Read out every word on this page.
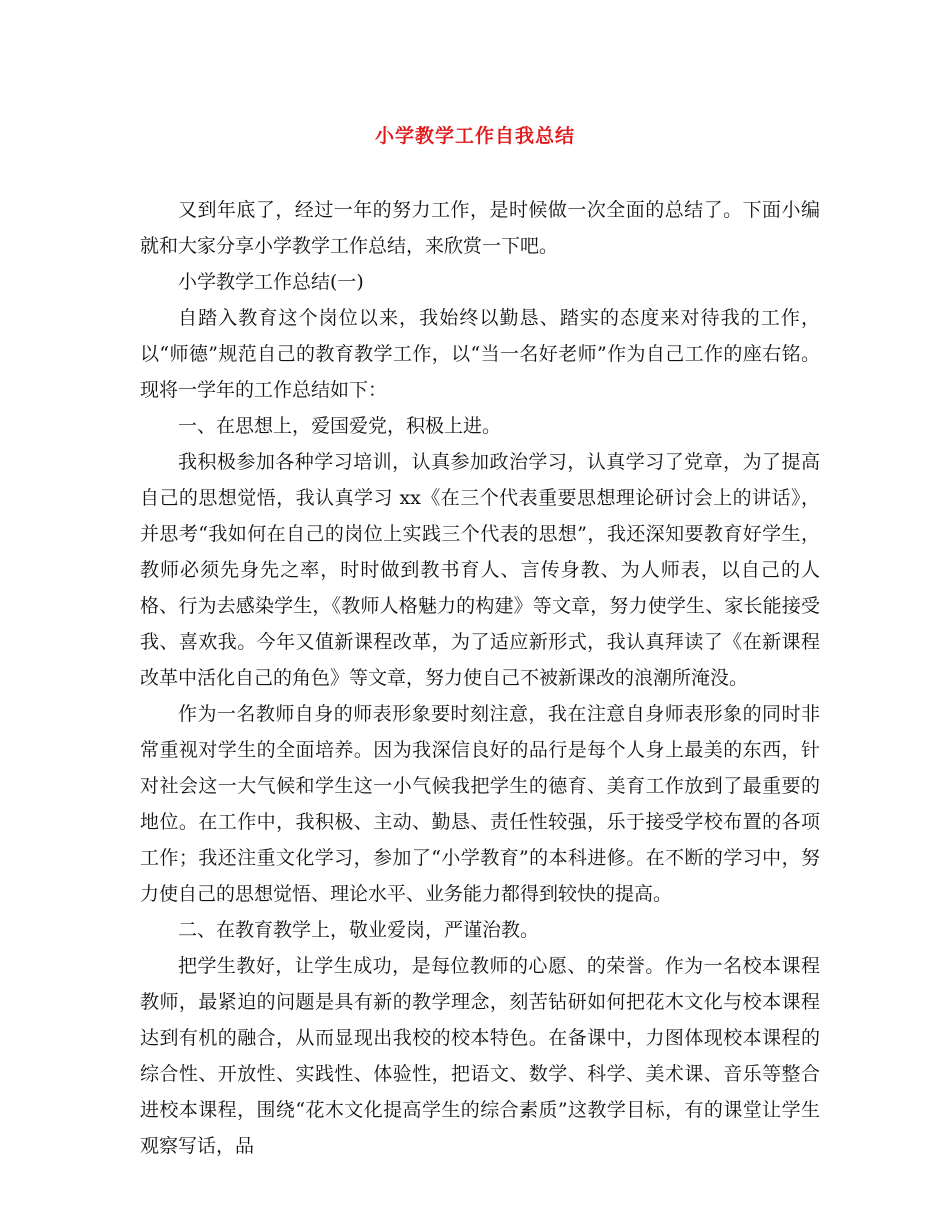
小学教学工作自我总结

又到年底了，经过一年的努力工作，是时候做一次全面的总结了。下面小编就和大家分享小学教学工作总结，来欣赏一下吧。

小学教学工作总结(一)

自踏入教育这个岗位以来，我始终以勤恳、踏实的态度来对待我的工作，以“师德”规范自己的教育教学工作，以“当一名好老师”作为自己工作的座右铭。现将一学年的工作总结如下：

一、在思想上，爱国爱党，积极上进。

我积极参加各种学习培训，认真参加政治学习，认真学习了党章，为了提高自己的思想觉悟，我认真学习 xx《在三个代表重要思想理论研讨会上的讲话》，并思考“我如何在自己的岗位上实践三个代表的思想”，我还深知要教育好学生，教师必须先身先之率，时时做到教书育人、言传身教、为人师表，以自己的人格、行为去感染学生，《教师人格魅力的构建》等文章，努力使学生、家长能接受我、喜欢我。今年又值新课程改革，为了适应新形式，我认真拜读了《在新课程改革中活化自己的角色》等文章，努力使自己不被新课改的浪潮所淹没。

作为一名教师自身的师表形象要时刻注意，我在注意自身师表形象的同时非常重视对学生的全面培养。因为我深信良好的品行是每个人身上最美的东西，针对社会这一大气候和学生这一小气候我把学生的德育、美育工作放到了最重要的地位。在工作中，我积极、主动、勤恳、责任性较强，乐于接受学校布置的各项工作；我还注重文化学习，参加了“小学教育”的本科进修。在不断的学习中，努力使自己的思想觉悟、理论水平、业务能力都得到较快的提高。

二、在教育教学上，敬业爱岗，严谨治教。

把学生教好，让学生成功，是每位教师的心愿、的荣誉。作为一名校本课程教师，最紧迫的问题是具有新的教学理念，刻苦钻研如何把花木文化与校本课程达到有机的融合，从而显现出我校的校本特色。在备课中，力图体现校本课程的综合性、开放性、实践性、体验性，把语文、数学、科学、美术课、音乐等整合进校本课程，围绕“花木文化提高学生的综合素质”这教学目标，有的课堂让学生观察写话，品
